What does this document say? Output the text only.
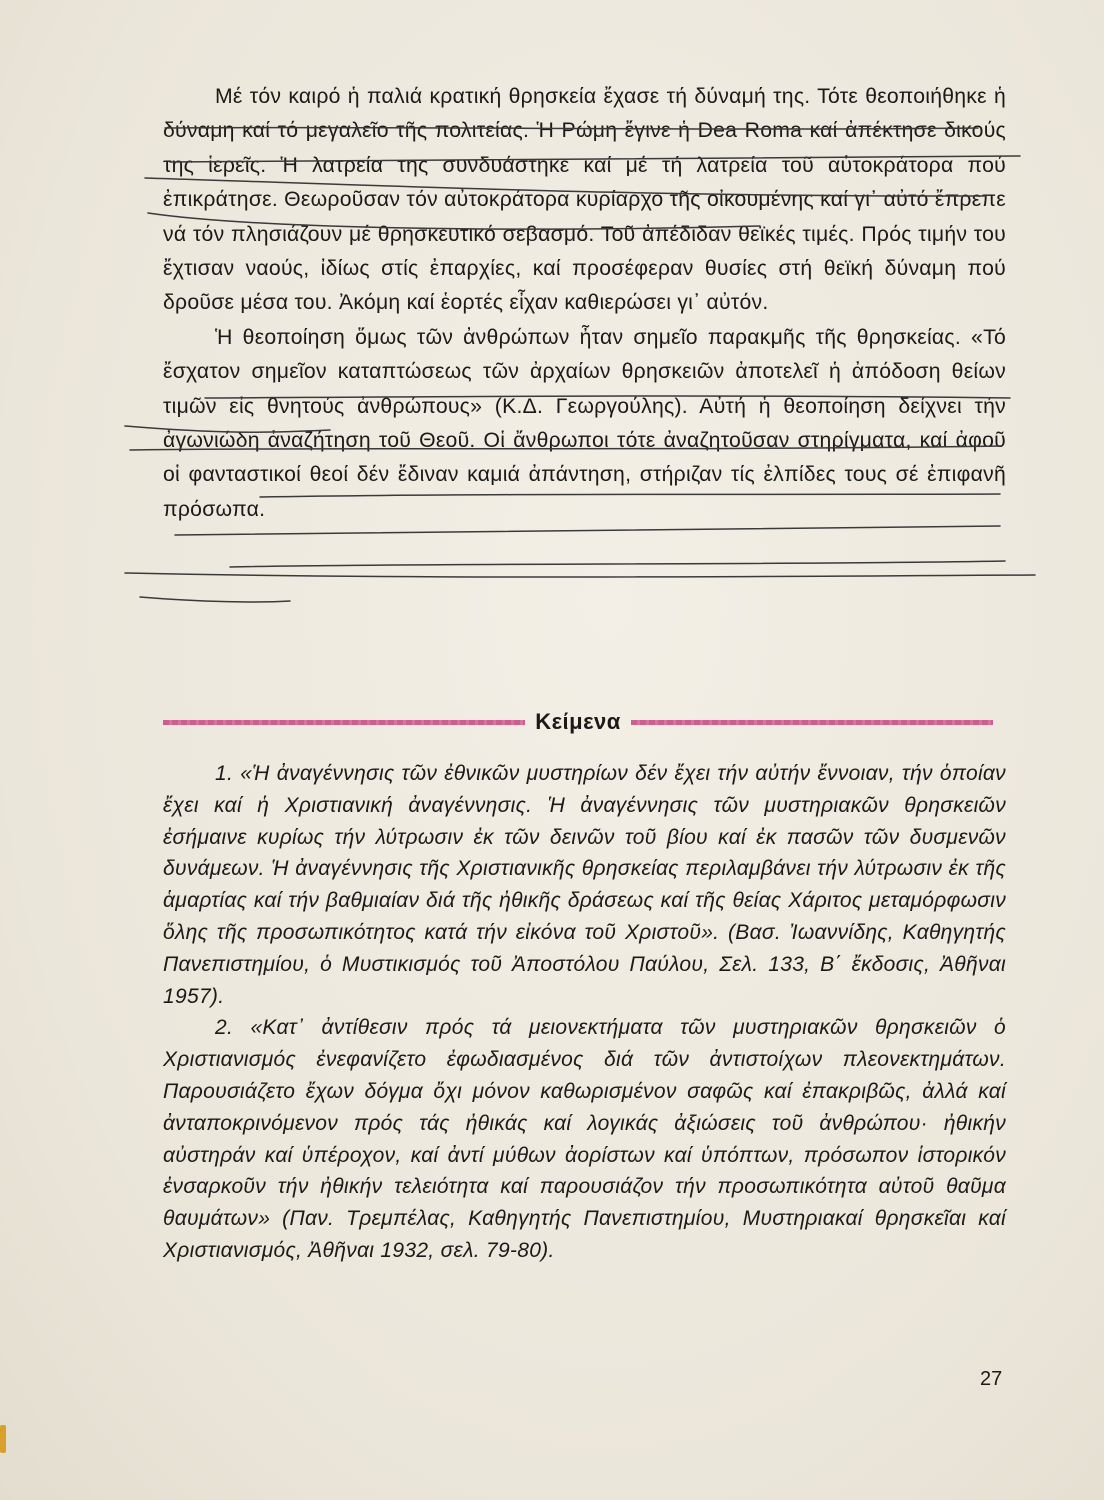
Μέ τόν καιρό ἡ παλιά κρατική θρησκεία ἔχασε τή δύναμή της. Τότε θεοποιήθηκε ἡ δύναμη καί τό μεγαλεῖο τῆς πολιτείας. Ἡ Ρώμη ἔγινε ἡ Dea Roma καί ἀπέκτησε δικούς της ἱερεῖς. Ἡ λατρεία της συνδυάστηκε καί μέ τή λατρεία τοῦ αὐτοκράτορα πού ἐπικράτησε. Θεωροῦσαν τόν αὐτοκράτορα κυρίαρχο τῆς οἰκουμένης καί γι᾽ αὐτό ἔπρεπε νά τόν πλησιάζουν μέ θρησκευτικό σεβασμό. Τοῦ ἀπέδιδαν θεϊκές τιμές. Πρός τιμήν του ἔχτισαν ναούς, ἰδίως στίς ἐπαρχίες, καί προσέφεραν θυσίες στή θεϊκή δύναμη πού δροῦσε μέσα του. Ἀκόμη καί ἑορτές εἶχαν καθιερώσει γι᾽ αὐτόν.

Ἡ θεοποίηση ὅμως τῶν ἀνθρώπων ἦταν σημεῖο παρακμῆς τῆς θρησκείας. «Τό ἔσχατον σημεῖον καταπτώσεως τῶν ἀρχαίων θρησκειῶν ἀποτελεῖ ἡ ἀπόδοση θείων τιμῶν εἰς θνητούς ἀνθρώπους» (Κ.Δ. Γεωργούλης). Αὐτή ἡ θεοποίηση δείχνει τήν ἀγωνιώδη ἀναζήτηση τοῦ Θεοῦ. Οἱ ἄνθρωποι τότε ἀναζητοῦσαν στηρίγματα, καί ἀφοῦ οἱ φανταστικοί θεοί δέν ἔδιναν καμιά ἀπάντηση, στήριζαν τίς ἐλπίδες τους σέ ἐπιφανῆ πρόσωπα.

Κείμενα

1. «Ἡ ἀναγέννησις τῶν ἐθνικῶν μυστηρίων δέν ἔχει τήν αὐτήν ἔννοιαν, τήν ὁποίαν ἔχει καί ἡ Χριστιανική ἀναγέννησις. Ἡ ἀναγέννησις τῶν μυστηριακῶν θρησκειῶν ἐσήμαινε κυρίως τήν λύτρωσιν ἐκ τῶν δεινῶν τοῦ βίου καί ἐκ πασῶν τῶν δυσμενῶν δυνάμεων. Ἡ ἀναγέννησις τῆς Χριστιανικῆς θρησκείας περιλαμβάνει τήν λύτρωσιν ἐκ τῆς ἁμαρτίας καί τήν βαθμιαίαν διά τῆς ἠθικῆς δράσεως καί τῆς θείας Χάριτος μεταμόρφωσιν ὅλης τῆς προσωπικότητος κατά τήν εἰκόνα τοῦ Χριστοῦ». (Βασ. Ἰωαννίδης, Καθηγητής Πανεπιστημίου, ὁ Μυστικισμός τοῦ Ἀποστόλου Παύλου, Σελ. 133, Β΄ ἔκδοσις, Ἀθῆναι 1957).

2. «Κατ᾽ ἀντίθεσιν πρός τά μειονεκτήματα τῶν μυστηριακῶν θρησκειῶν ὁ Χριστιανισμός ἐνεφανίζετο ἐφωδιασμένος διά τῶν ἀντιστοίχων πλεονεκτημάτων. Παρουσιάζετο ἔχων δόγμα ὄχι μόνον καθωρισμένον σαφῶς καί ἐπακριβῶς, ἀλλά καί ἀνταποκρινόμενον πρός τάς ἠθικάς καί λογικάς ἀξιώσεις τοῦ ἀνθρώπου· ἠθικήν αὐστηράν καί ὑπέροχον, καί ἀντί μύθων ἀορίστων καί ὑπόπτων, πρόσωπον ἱστορικόν ἐνσαρκοῦν τήν ἠθικήν τελειότητα καί παρουσιάζον τήν προσωπικότητα αὐτοῦ θαῦμα θαυμάτων» (Παν. Τρεμπέλας, Καθηγητής Πανεπιστημίου, Μυστηριακαί θρησκεῖαι καί Χριστιανισμός, Ἀθῆναι 1932, σελ. 79-80).

27
